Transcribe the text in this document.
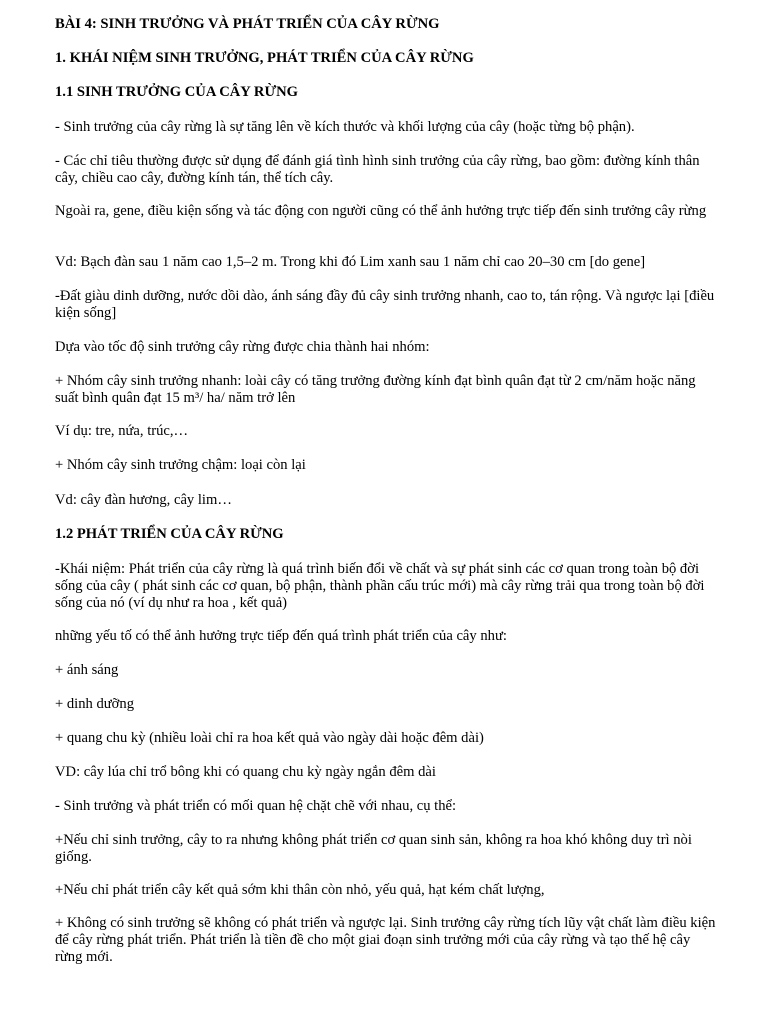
BÀI 4: SINH TRƯỞNG VÀ PHÁT TRIỂN CỦA CÂY RỪNG

1. KHÁI NIỆM SINH TRƯỞNG, PHÁT TRIỂN CỦA CÂY RỪNG

1.1 SINH TRƯỞNG CỦA CÂY RỪNG

- Sinh trưởng của cây rừng là sự tăng lên về kích thước và khối lượng của cây (hoặc từng bộ phận).

- Các chỉ tiêu thường được sử dụng để đánh giá tình hình sinh trưởng của cây rừng, bao gồm: đường kính thân cây, chiều cao cây, đường kính tán, thể tích cây.

Ngoài ra, gene, điều kiện sống và tác động con người cũng có thể ảnh hưởng trực tiếp đến sinh trưởng cây rừng

Vd: Bạch đàn sau 1 năm cao 1,5–2 m. Trong khi đó Lim xanh sau 1 năm chỉ cao 20–30 cm [do gene]

-Đất giàu dinh dưỡng, nước dồi dào, ánh sáng đầy đủ cây sinh trưởng nhanh, cao to, tán rộng. Và ngược lại [điều kiện sống]

Dựa vào tốc độ sinh trưởng cây rừng được chia thành hai nhóm:

+ Nhóm cây sinh trưởng nhanh: loài cây có tăng trưởng đường kính đạt bình quân đạt từ 2 cm/năm hoặc năng suất bình quân đạt 15 m³/ ha/ năm trở lên

Ví dụ: tre, nứa, trúc,…

+ Nhóm cây sinh trưởng chậm: loại còn lại

Vd: cây đàn hương, cây lim…

1.2 PHÁT TRIỂN CỦA CÂY RỪNG

-Khái niệm: Phát triển của cây rừng là quá trình biến đổi về chất và sự phát sinh các cơ quan trong toàn bộ đời sống của cây ( phát sinh các cơ quan, bộ phận, thành phần cấu trúc mới) mà cây rừng trải qua trong toàn bộ đời sống của nó (ví dụ như ra hoa , kết quả)

những yếu tố có thể ảnh hưởng trực tiếp đến quá trình phát triển của cây như:

+ ánh sáng

+ dinh dưỡng

+ quang chu kỳ (nhiều loài chỉ ra hoa kết quả vào ngày dài hoặc đêm dài)

VD: cây lúa chỉ trổ bông khi có quang chu kỳ ngày ngắn đêm dài

- Sinh trưởng và phát triển có mối quan hệ chặt chẽ với nhau, cụ thể:

+Nếu chỉ sinh trưởng, cây to ra nhưng không phát triển cơ quan sinh sản, không ra hoa khó không duy trì nòi giống.

+Nếu chỉ phát triển cây kết quả sớm khi thân còn nhỏ, yếu quả, hạt kém chất lượng,

+ Không có sinh trưởng sẽ không có phát triển và ngược lại. Sinh trưởng cây rừng tích lũy vật chất làm điều kiện để cây rừng phát triển. Phát triển là tiền đề cho một giai đoạn sinh trưởng mới của cây rừng và tạo thế hệ cây rừng mới.
